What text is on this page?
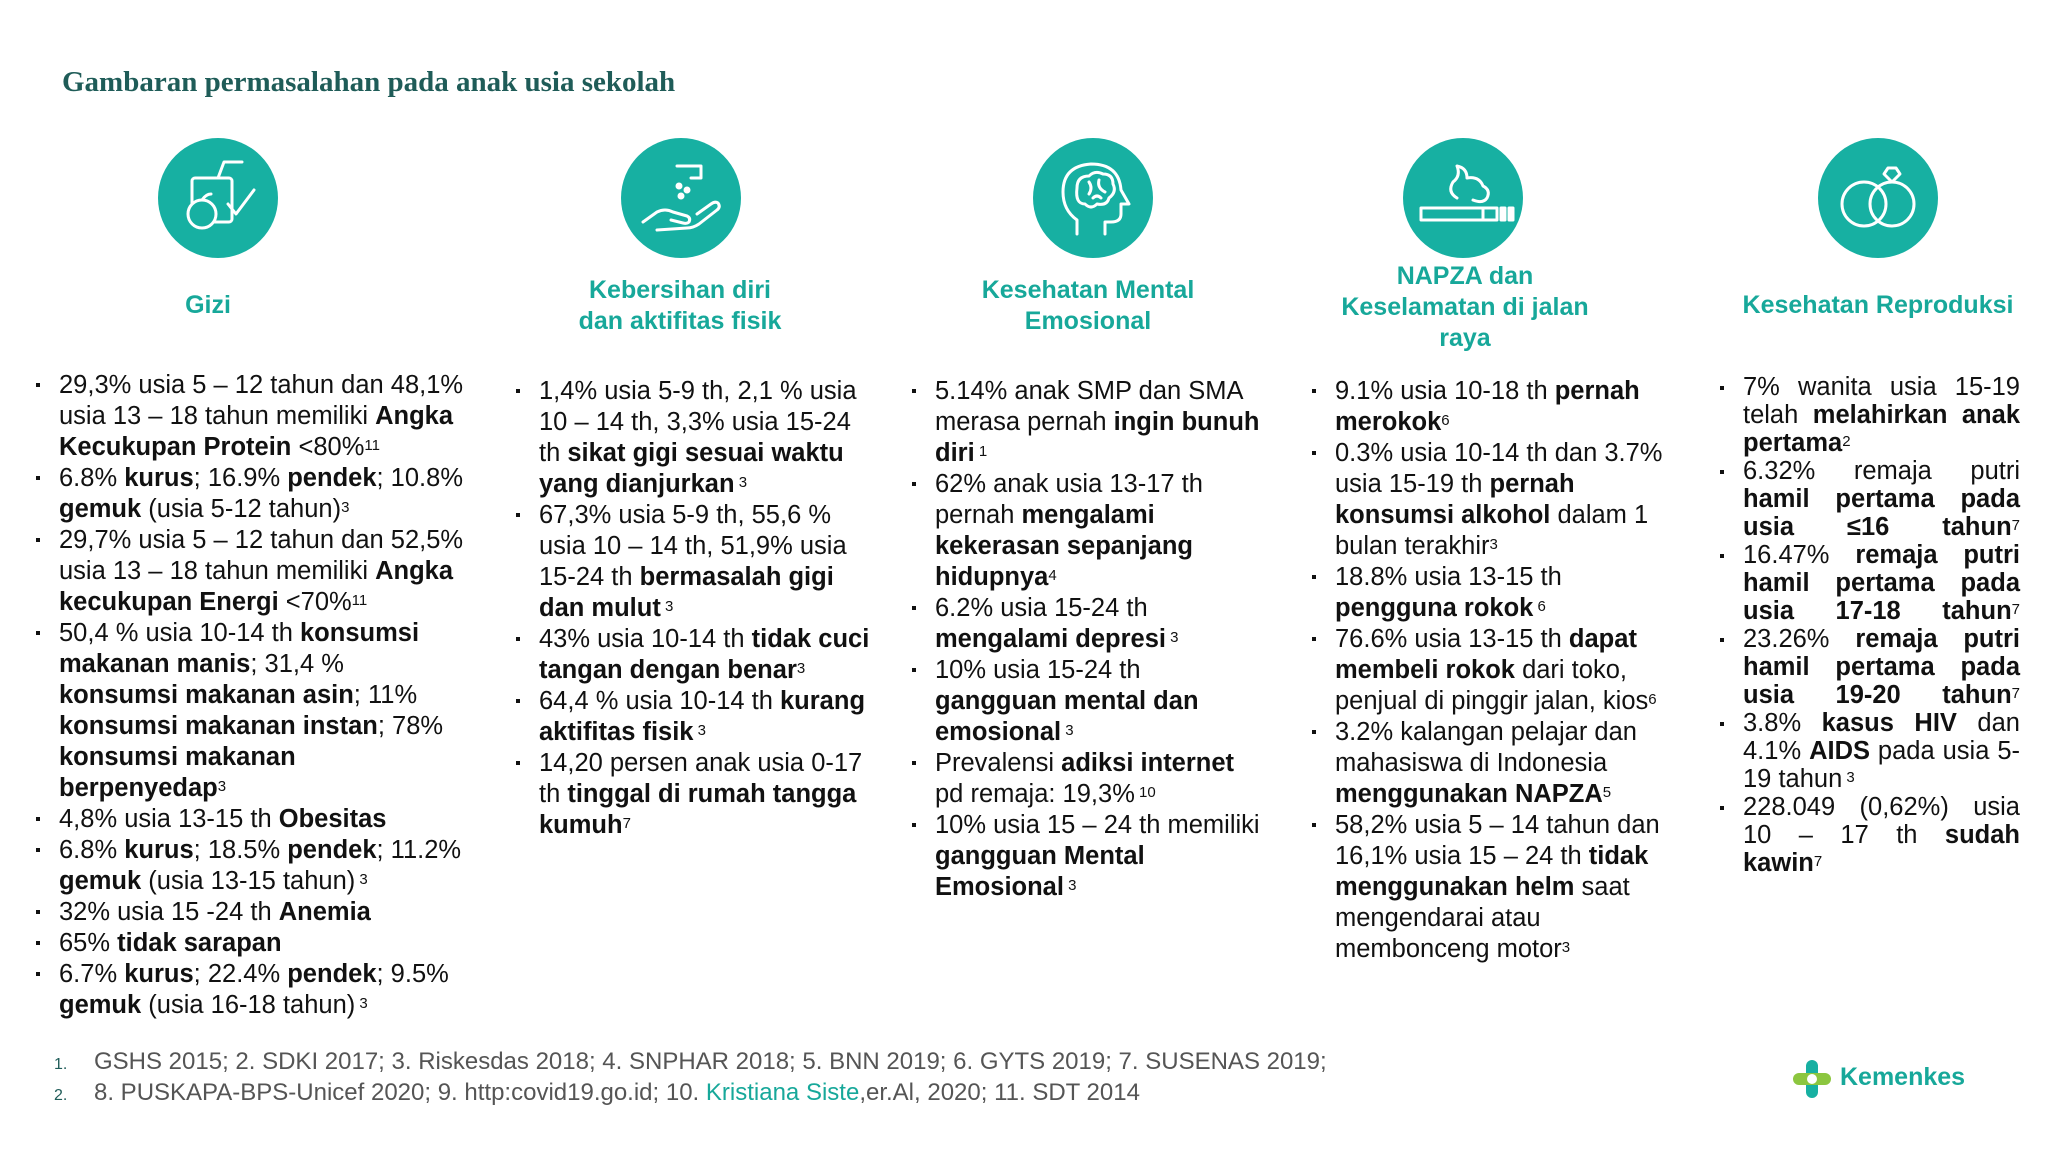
Gambaran permasalahan pada anak usia sekolah
Gizi
Kebersihan diri
dan aktifitas fisik
Kesehatan Mental
Emosional
NAPZA dan
Keselamatan di jalan
raya
Kesehatan Reproduksi
29,3% usia 5 – 12 tahun dan 48,1% usia 13 – 18 tahun memiliki Angka Kecukupan Protein <80%$^{11}$
6.8% kurus; 16.9% pendek; 10.8% gemuk (usia 5-12 tahun)$^3$
29,7% usia 5 – 12 tahun dan 52,5% usia 13 – 18 tahun memiliki Angka kecukupan Energi <70%$^{11}$
50,4 % usia 10-14 th konsumsi makanan manis; 31,4 % konsumsi makanan asin; 11% konsumsi makanan instan; 78% konsumsi makanan berpenyedap$^3$
4,8% usia 13-15 th Obesitas
6.8% kurus; 18.5% pendek; 11.2% gemuk (usia 13-15 tahun) $^3$
32% usia 15 -24 th Anemia
65% tidak sarapan
6.7% kurus; 22.4% pendek; 9.5% gemuk (usia 16-18 tahun) $^3$
1,4% usia 5-9 th, 2,1 % usia 10 – 14 th, 3,3% usia 15-24 th sikat gigi sesuai waktu yang dianjurkan $^3$
67,3% usia 5-9 th, 55,6 % usia 10 – 14 th, 51,9% usia 15-24 th bermasalah gigi dan mulut $^3$
43% usia 10-14 th tidak cuci tangan dengan benar$^3$
64,4 % usia 10-14 th kurang aktifitas fisik $^3$
14,20 persen anak usia 0-17 th tinggal di rumah tangga kumuh$^7$
5.14% anak SMP dan SMA merasa pernah ingin bunuh diri $^1$
62% anak usia 13-17 th pernah mengalami kekerasan sepanjang hidupnya$^4$
6.2% usia 15-24 th mengalami depresi $^3$
10% usia 15-24 th gangguan mental dan emosional $^3$
Prevalensi adiksi internet pd remaja: 19,3% $^{10}$
10% usia 15 – 24 th memiliki gangguan Mental Emosional $^3$
9.1% usia 10-18 th pernah merokok$^6$
0.3% usia 10-14 th dan 3.7% usia 15-19 th pernah konsumsi alkohol dalam 1 bulan terakhir$^3$
18.8% usia 13-15 th pengguna rokok $^6$
76.6% usia 13-15 th dapat membeli rokok dari toko, penjual di pinggir jalan, kios$^6$
3.2% kalangan pelajar dan mahasiswa di Indonesia menggunakan NAPZA$^5$
58,2% usia 5 – 14 tahun dan 16,1% usia 15 – 24 th tidak menggunakan helm saat mengendarai atau membonceng motor$^3$
7% wanita usia 15-19 telah melahirkan anak pertama$^2$
6.32% remaja putri hamil pertama pada usia ≤16 tahun$^7$
16.47% remaja putri hamil pertama pada usia 17-18 tahun$^7$
23.26% remaja putri hamil pertama pada usia 19-20 tahun$^7$
3.8% kasus HIV dan 4.1% AIDS pada usia 5-19 tahun $^3$
228.049 (0,62%) usia 10 – 17 th sudah kawin$^7$
1. GSHS 2015; 2. SDKI 2017; 3. Riskesdas 2018; 4. SNPHAR 2018; 5. BNN 2019; 6. GYTS 2019; 7. SUSENAS 2019;
2. 8. PUSKAPA-BPS-Unicef 2020; 9. http:covid19.go.id; 10. Kristiana Siste,er.Al, 2020; 11. SDT 2014
Kemenkes
